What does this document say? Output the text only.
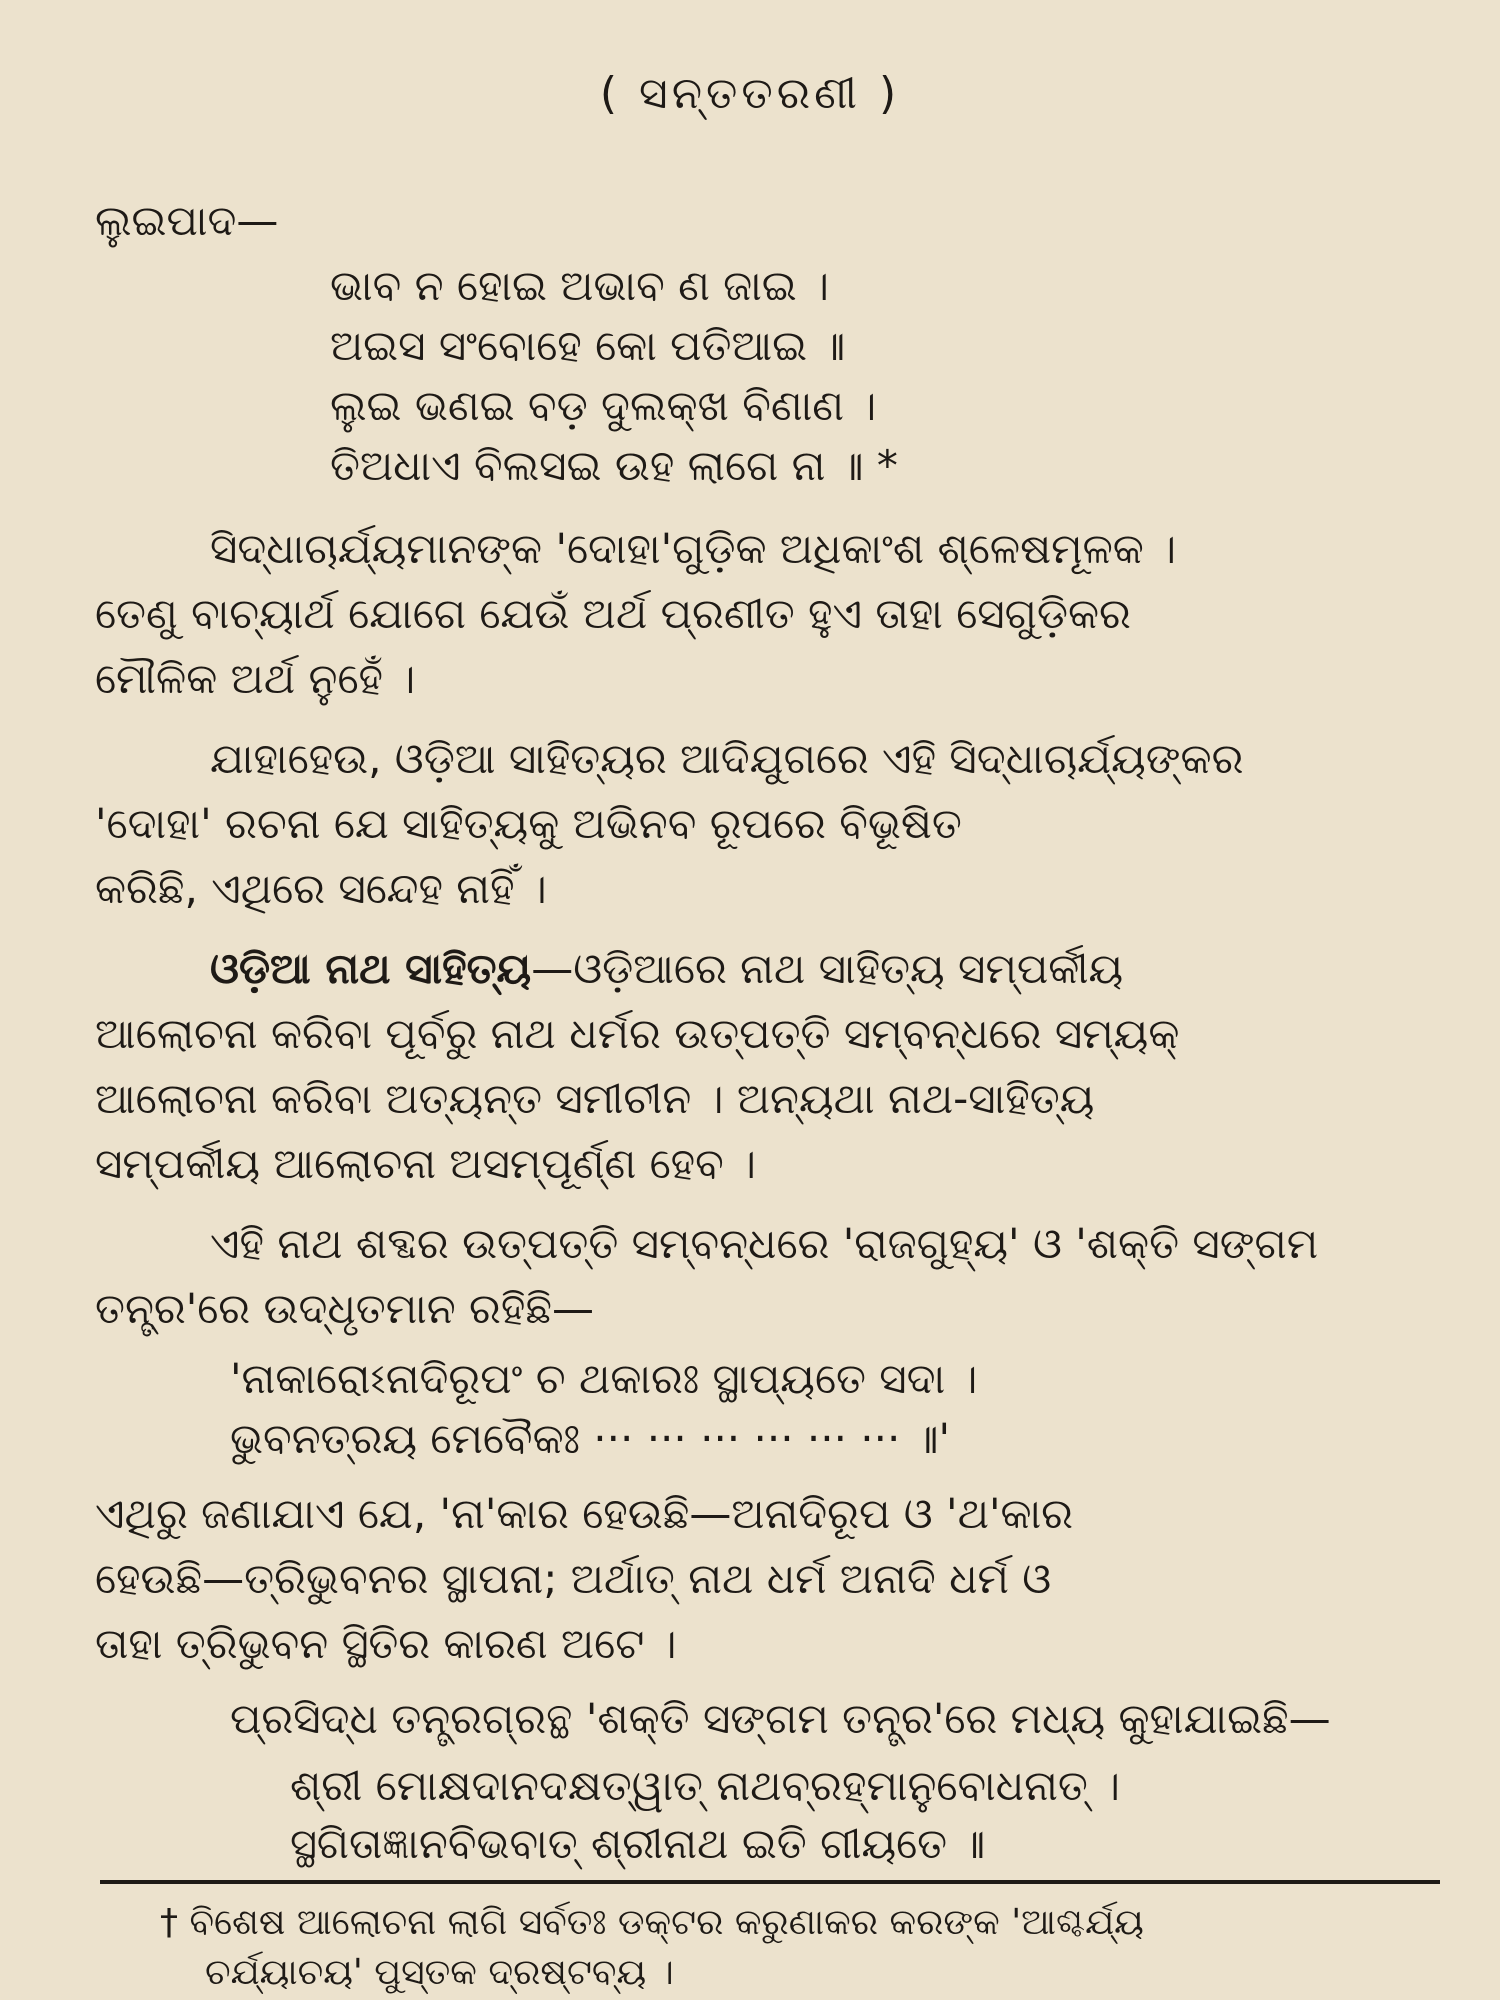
( ସନ୍ତତରଣୀ )
ଲୁଇପାଦ—
ଭାବ ନ ହୋଇ ଅଭାବ ଣ ଜାଇ ।
ଅଇସ ସଂବୋହେ କୋ ପତିଆଇ ॥
ଲୁଇ ଭଣଇ ବଡ଼ ଦୁଲକ୍ଖ ବିଣାଣ ।
ତିଅଧାଏ ବିଲସଇ ଉହ ଲାଗେ ନା ॥ *
ସିଦ୍ଧାଚାର୍ଯ୍ୟମାନଙ୍କ 'ଦୋହା'ଗୁଡ଼ିକ ଅଧିକାଂଶ ଶ୍ଳେଷମୂଳକ ।
ତେଣୁ ବାଚ୍ୟାର୍ଥ ଯୋଗେ ଯେଉଁ ଅର୍ଥ ପ୍ରଣୀତ ହୁଏ ତାହା ସେଗୁଡ଼ିକର
ମୌଳିକ ଅର୍ଥ ନୁହେଁ ।
ଯାହାହେଉ, ଓଡ଼ିଆ ସାହିତ୍ୟର ଆଦିଯୁଗରେ ଏହି ସିଦ୍ଧାଚାର୍ଯ୍ୟଙ୍କର
'ଦୋହା' ରଚନା ଯେ ସାହିତ୍ୟକୁ ଅଭିନବ ରୂପରେ ବିଭୂଷିତ
କରିଛି, ଏଥିରେ ସନ୍ଦେହ ନାହିଁ ।
ଓଡ଼ିଆ ନାଥ ସାହିତ୍ୟ—ଓଡ଼ିଆରେ ନାଥ ସାହିତ୍ୟ ସମ୍ପର୍କୀୟ
ଆଲୋଚନା କରିବା ପୂର୍ବରୁ ନାଥ ଧର୍ମର ଉତ୍ପତ୍ତି ସମ୍ବନ୍ଧରେ ସମ୍ୟକ୍
ଆଲୋଚନା କରିବା ଅତ୍ୟନ୍ତ ସମୀଚୀନ । ଅନ୍ୟଥା ନାଥ-ସାହିତ୍ୟ
ସମ୍ପର୍କୀୟ ଆଲୋଚନା ଅସମ୍ପୂର୍ଣ୍ଣ ହେବ ।
ଏହି ନାଥ ଶବ୍ଦର ଉତ୍ପତ୍ତି ସମ୍ବନ୍ଧରେ 'ରାଜଗୁହ୍ୟ' ଓ 'ଶକ୍ତି ସଙ୍ଗମ
ତନ୍ତ୍ର'ରେ ଉଦ୍ଧୃତମାନ ରହିଛି—
'ନାକାରୋଽନାଦିରୂପଂ ଚ ଥକାରଃ ସ୍ଥାପ୍ୟତେ ସଦା ।
ଭୁବନତ୍ରୟ ମେବୈକଃ ··· ··· ··· ··· ··· ··· ॥'
ଏଥିରୁ ଜଣାଯାଏ ଯେ, 'ନା'କାର ହେଉଛି—ଅନାଦିରୂପ ଓ 'ଥ'କାର
ହେଉଛି—ତ୍ରିଭୁବନର ସ୍ଥାପନା; ଅର୍ଥାତ୍ ନାଥ ଧର୍ମ ଅନାଦି ଧର୍ମ ଓ
ତାହା ତ୍ରିଭୁବନ ସ୍ଥିତିର କାରଣ ଅଟେ ।
ପ୍ରସିଦ୍ଧ ତନ୍ତ୍ରଗ୍ରନ୍ଥ 'ଶକ୍ତି ସଙ୍ଗମ ତନ୍ତ୍ର'ରେ ମଧ୍ୟ କୁହାଯାଇଛି—
ଶ୍ରୀ ମୋକ୍ଷଦାନଦକ୍ଷତ୍ୱାତ୍ ନାଥବ୍ରହ୍ମାନୁବୋଧନାତ୍ ।
ସ୍ଥଗିତାଜ୍ଞାନବିଭବାତ୍ ଶ୍ରୀନାଥ ଇତି ଗୀୟତେ ॥
† ବିଶେଷ ଆଲୋଚନା ଲାଗି ସର୍ବତଃ ଡକ୍ଟର କରୁଣାକର କରଙ୍କ 'ଆଶ୍ଚର୍ଯ୍ୟ
ଚର୍ଯ୍ୟାଚୟ' ପୁସ୍ତକ ଦ୍ରଷ୍ଟବ୍ୟ ।
